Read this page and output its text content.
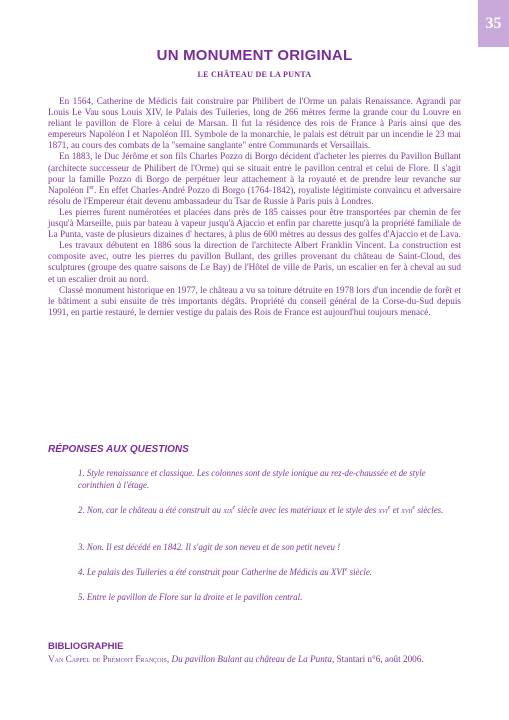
35
UN MONUMENT ORIGINAL
LE CHÂTEAU DE LA PUNTA

En 1564, Catherine de Médicis fait construire par Philibert de l'Orme un palais Renaissance. Agrandi par Louis Le Vau sous Louis XIV, le Palais des Tuileries, long de 266 mètres ferme la grande cour du Louvre en reliant le pavillon de Flore à celui de Marsan. Il fut la résidence des rois de France à Paris ainsi que des empereurs Napoléon I et Napoléon III. Symbole de la monarchie, le palais est détruit par un incendie le 23 mai 1871, au cours des combats de la "semaine sanglante" entre Communards et Versaillais.

En 1883, le Duc Jérôme et son fils Charles Pozzo di Borgo décident d'acheter les pierres du Pavillon Bullant (architecte successeur de Philibert de l'Orme) qui se situait entre le pavillon central et celui de Flore. Il s'agit pour la famille Pozzo di Borgo de perpétuer leur attachement à la royauté et de prendre leur revanche sur Napoléon Ier. En effet Charles-André Pozzo di Borgo (1764-1842), royaliste légitimiste convaincu et adversaire résolu de l'Empereur était devenu ambassadeur du Tsar de Russie à Paris puis à Londres.

Les pierres furent numérotées et placées dans près de 185 caisses pour être transportées par chemin de fer jusqu'à Marseille, puis par bateau à vapeur jusqu'à Ajaccio et enfin par charette jusqu'à la propriété familiale de La Punta, vaste de plusieurs dizaines d' hectares, à plus de 600 mètres au dessus des golfes d'Ajaccio et de Lava.

Les travaux débutent en 1886 sous la direction de l'architecte Albert Franklin Vincent. La construction est composite avec, outre les pierres du pavillon Bullant, des grilles provenant du château de Saint-Cloud, des sculptures (groupe des quatre saisons de Le Bay) de l'Hôtel de ville de Paris, un escalier en fer à cheval au sud et un escalier droit au nord.

Classé monument historique en 1977, le château a vu sa toiture détruite en 1978 lors d'un incendie de forêt et le bâtiment a subi ensuite de très importants dégâts. Propriété du conseil général de la Corse-du-Sud depuis 1991, en partie restauré, le dernier vestige du palais des Rois de France est aujourd'hui toujours menacé.

RÉPONSES AUX QUESTIONS

1. Style renaissance et classique. Les colonnes sont de style ionique au rez-de-chaussée et de style corinthien à l'étage.

2. Non, car le château a été construit au xix$^e$ siècle avec les matériaux et le style des xvi$^e$ et xvii$^e$ siècles.

3. Non. Il est décédé en 1842. Il s'agit de son neveu et de son petit neveu !

4. Le palais des Tuileries a été construit pour Catherine de Médicis au XVIe siècle.

5. Entre le pavillon de Flore sur la droite et le pavillon central.

BIBLIOGRAPHIE
Van Cappel de Prémont François, Du pavillon Bulant au château de La Punta, Stantari n°6, août 2006.
